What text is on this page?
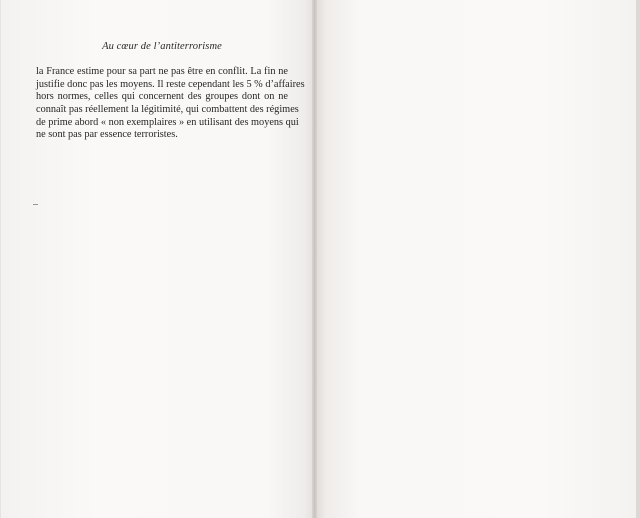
Au cœur de l’antiterrorisme
la France estime pour sa part ne pas être en conflit. La fin ne
justifie donc pas les moyens. Il reste cependant les 5 % d’affaires
hors normes, celles qui concernent des groupes dont on ne
connaît pas réellement la légitimité, qui combattent des régimes
de prime abord « non exemplaires » en utilisant des moyens qui
ne sont pas par essence terroristes.
